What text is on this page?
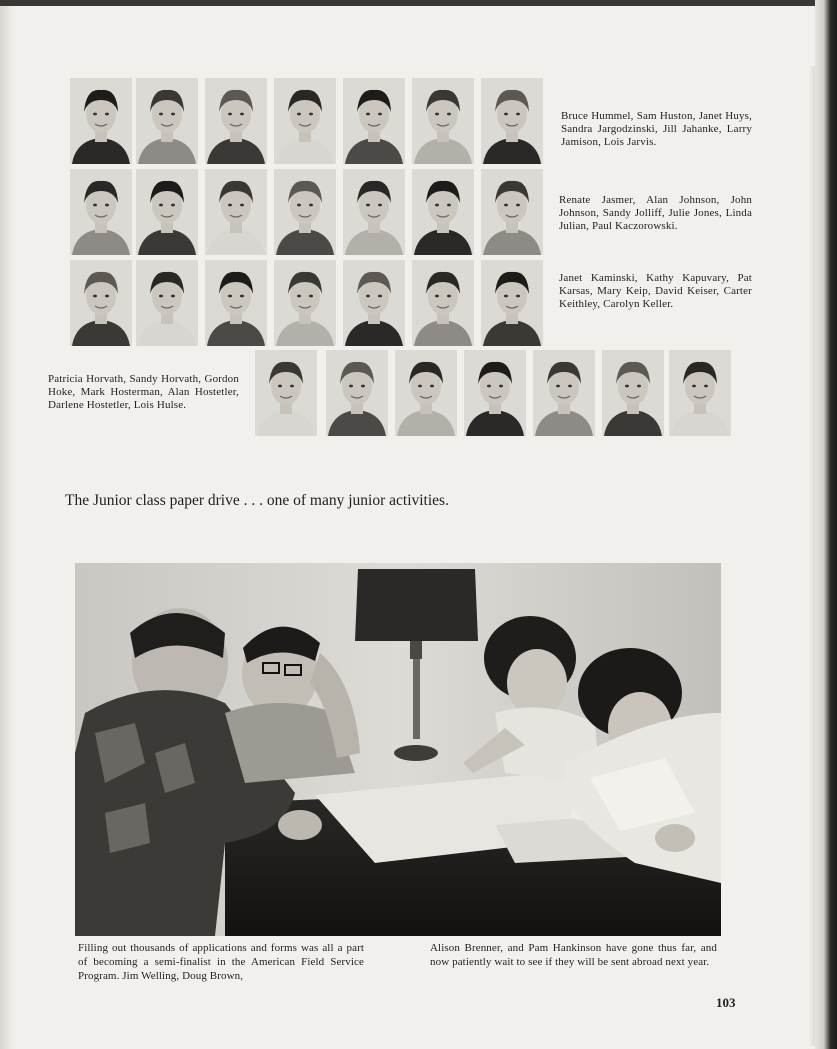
Bruce Hummel, Sam Huston, Janet Huys, Sandra Jargodzinski, Jill Jahanke, Larry Jamison, Lois Jarvis.
Renate Jasmer, Alan Johnson, John Johnson, Sandy Jolliff, Julie Jones, Linda Julian, Paul Kaczorowski.
Janet Kaminski, Kathy Kapuvary, Pat Karsas, Mary Keip, David Keiser, Carter Keithley, Carolyn Keller.
Patricia Horvath, Sandy Horvath, Gordon Hoke, Mark Hosterman, Alan Hostetler, Darlene Hostetler, Lois Hulse.
The Junior class paper drive . . . one of many junior activities.
Filling out thousands of applications and forms was all a part of becoming a semi-finalist in the American Field Service Program. Jim Welling, Doug Brown,
Alison Brenner, and Pam Hankinson have gone thus far, and now patiently wait to see if they will be sent abroad next year.
103
